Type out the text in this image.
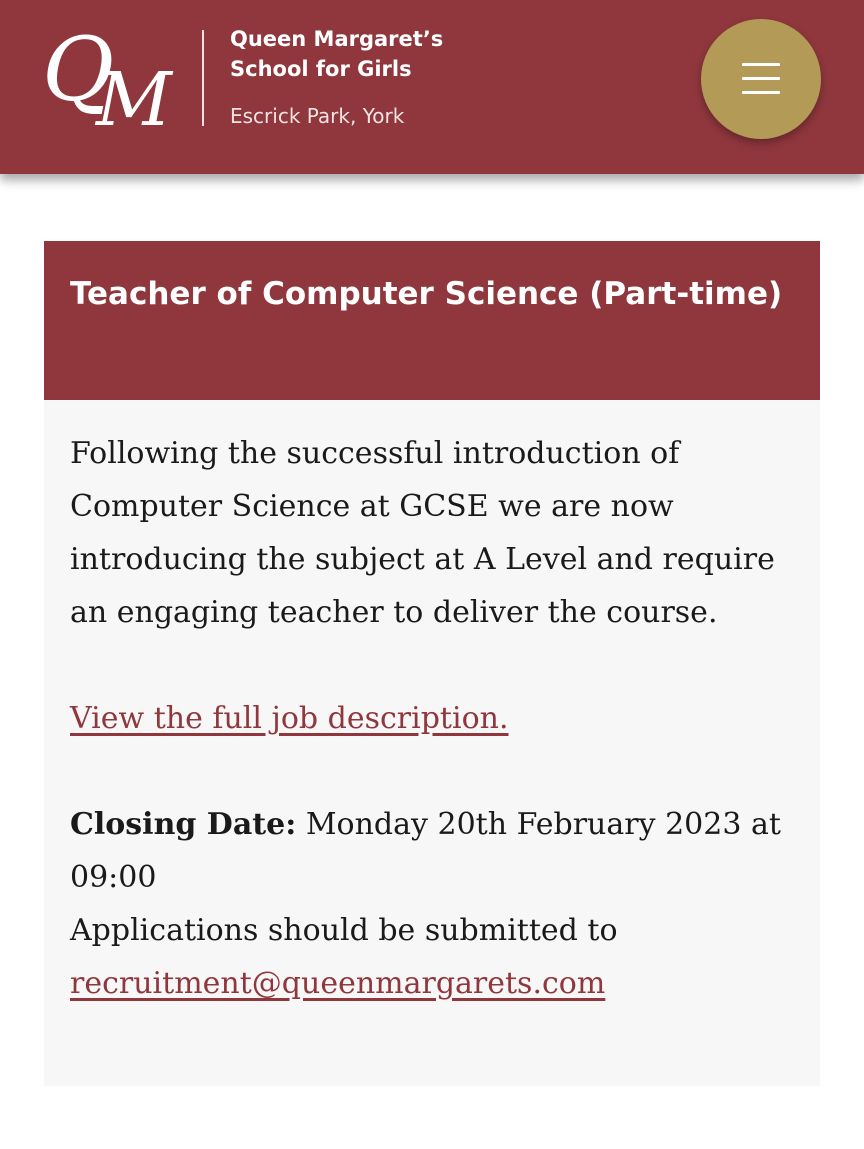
Q
M
Queen Margaret’s
School for Girls
Escrick Park, York
Teacher of Computer Science (Part-time)

Following the successful introduction of Computer Science at GCSE we are now introducing the subject at A Level and require an engaging teacher to deliver the course.

View the full job description.

Closing Date: Monday 20th February 2023 at 09:00

Applications should be submitted to

recruitment@queenmargarets.com
